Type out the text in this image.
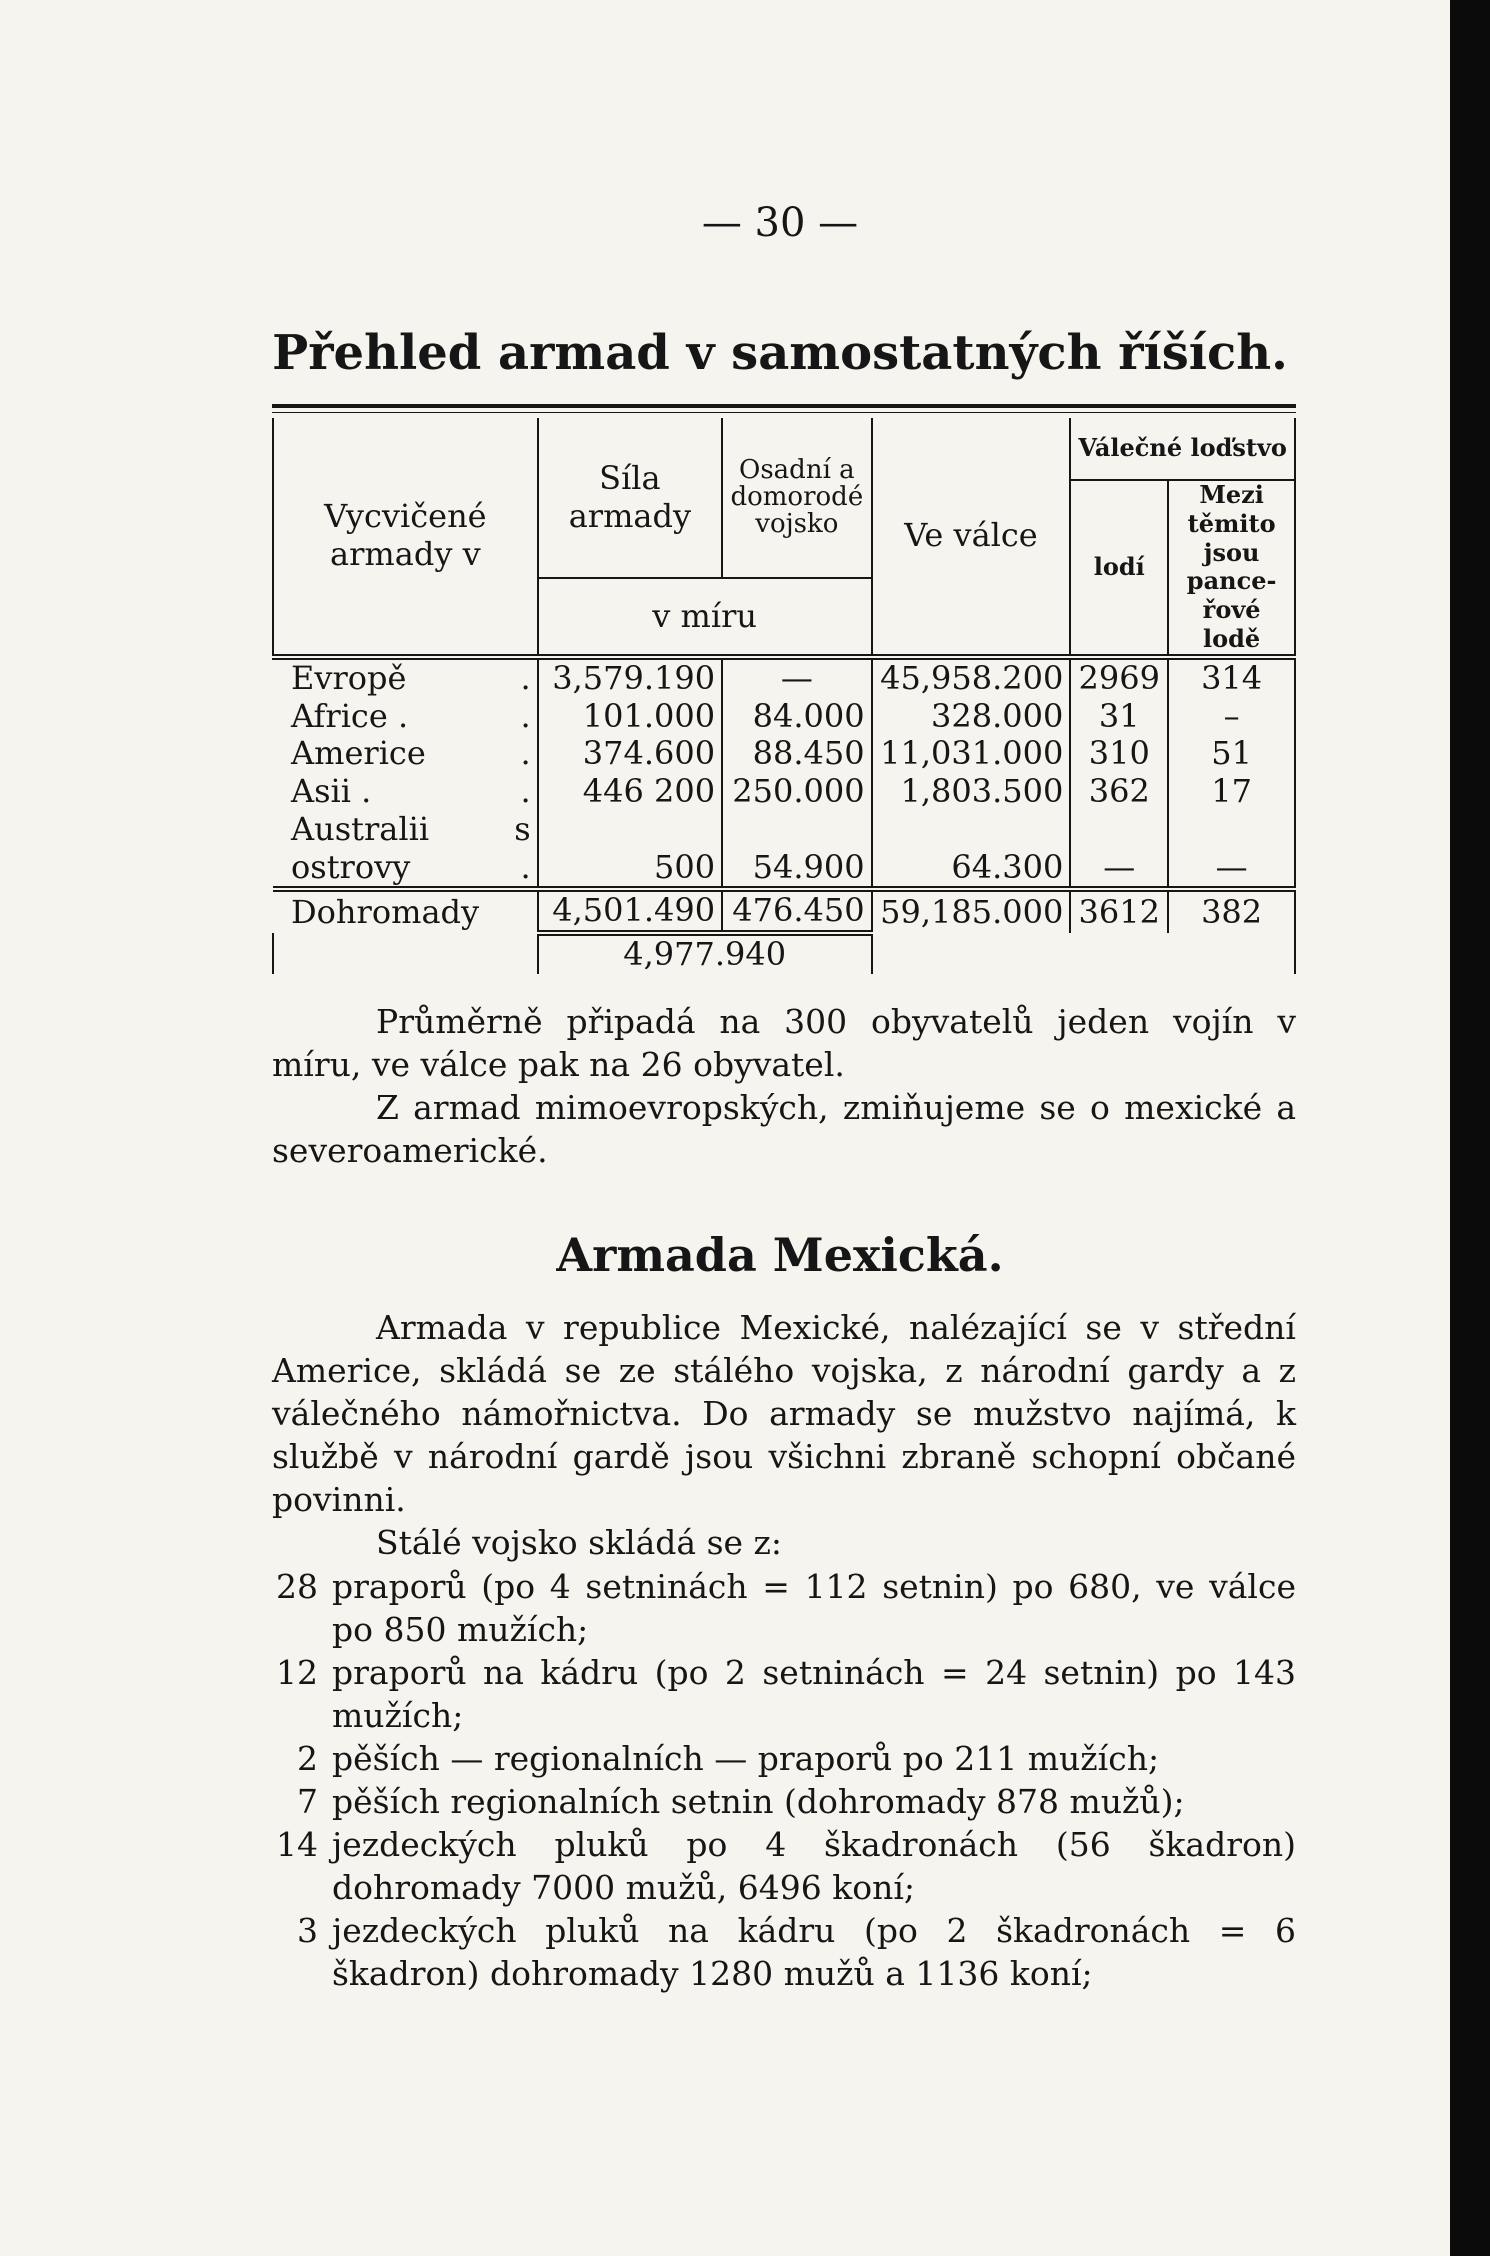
— 30 —
Přehled armad v samostatných říších.
Vycvičené armady v	Síla armady	Osadní a domorodé vojsko	Ve válce	Válečné loďstvo	
				lodí	Mezi těmito jsou pance-řové lodě
	v míru				
Evropě .	3,579.190	—	45,958.200	2969	314
Africe . .	101.000	84.000	328.000	31	–
Americe .	374.600	88.450	11,031.000	310	51
Asii . .	446 200	250.000	1,803.500	362	17
Australii s					

ostrovy .	500	54.900	64.300	—	—
Dohromady	4,501.490	476.450	59,185.000	3612	382
	4,977.940				

Průměrně připadá na 300 obyvatelů jeden vojín v míru, ve válce pak na 26 obyvatel.

Z armad mimoevropských, zmiňujeme se o mexické a severoamerické.

Armada Mexická.

Armada v republice Mexické, nalézající se v střední Americe, skládá se ze stálého vojska, z národní gardy a z válečného námořnictva. Do armady se mužstvo najímá, k službě v národní gardě jsou všichni zbraně schopní občané povinni.

Stálé vojsko skládá se z:

28 praporů (po 4 setninách = 112 setnin) po 680, ve válce po 850 mužích;
12 praporů na kádru (po 2 setninách = 24 setnin) po 143 mužích;
2 pěších — regionalních — praporů po 211 mužích;
7 pěších regionalních setnin (dohromady 878 mužů);
14 jezdeckých pluků po 4 škadronách (56 škadron) dohromady 7000 mužů, 6496 koní;
3 jezdeckých pluků na kádru (po 2 škadronách = 6 škadron) dohromady 1280 mužů a 1136 koní;
